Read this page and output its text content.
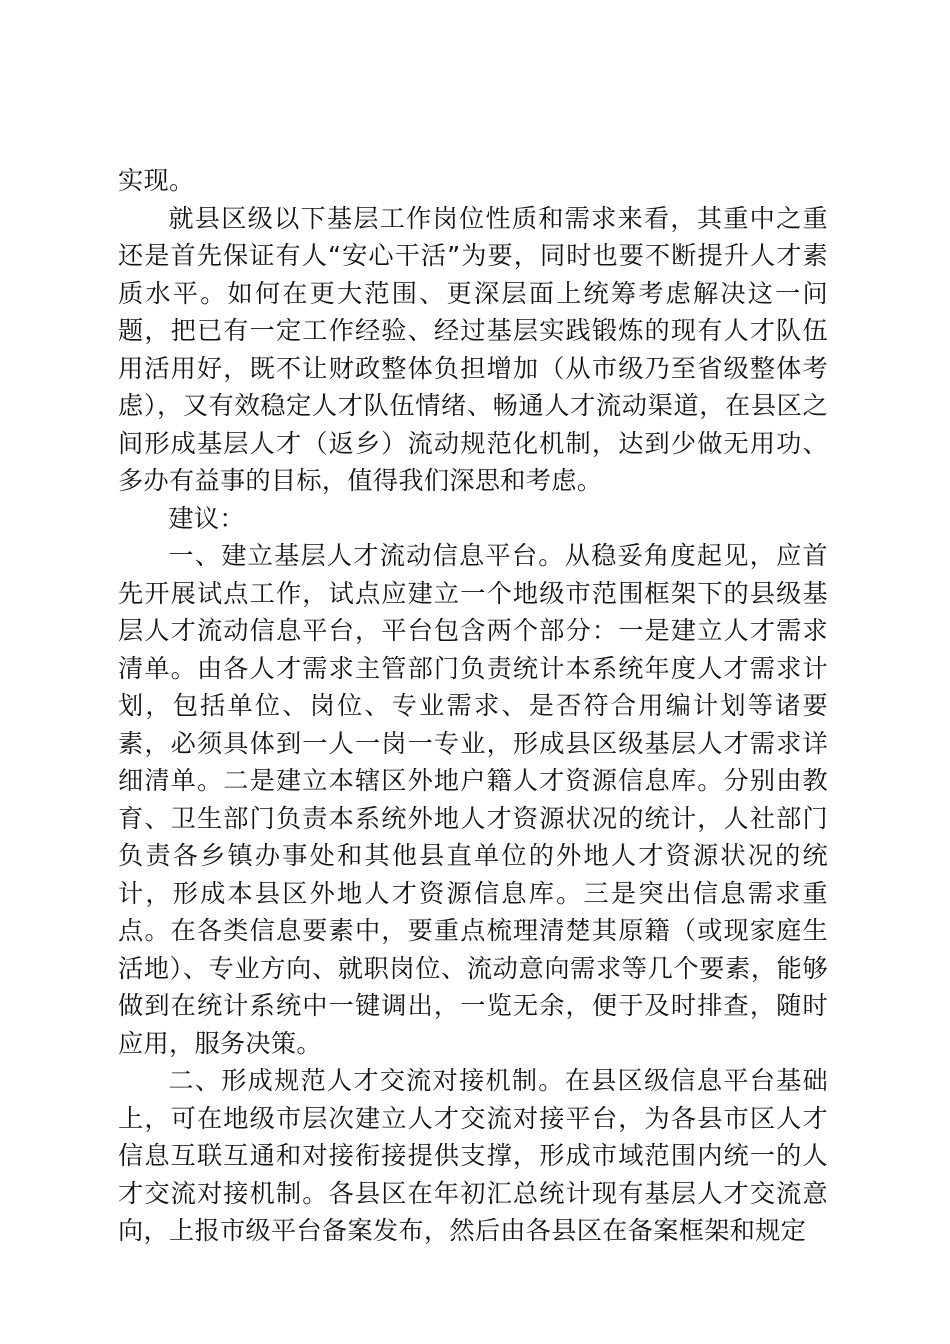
实现。

就县区级以下基层工作岗位性质和需求来看，其重中之重还是首先保证有人“安心干活”为要，同时也要不断提升人才素质水平。如何在更大范围、更深层面上统筹考虑解决这一问题，把已有一定工作经验、经过基层实践锻炼的现有人才队伍用活用好，既不让财政整体负担增加（从市级乃至省级整体考虑），又有效稳定人才队伍情绪、畅通人才流动渠道，在县区之间形成基层人才（返乡）流动规范化机制，达到少做无用功、多办有益事的目标，值得我们深思和考虑。

建议：

一、建立基层人才流动信息平台。从稳妥角度起见，应首先开展试点工作，试点应建立一个地级市范围框架下的县级基层人才流动信息平台，平台包含两个部分：一是建立人才需求清单。由各人才需求主管部门负责统计本系统年度人才需求计划，包括单位、岗位、专业需求、是否符合用编计划等诸要素，必须具体到一人一岗一专业，形成县区级基层人才需求详细清单。二是建立本辖区外地户籍人才资源信息库。分别由教育、卫生部门负责本系统外地人才资源状况的统计，人社部门负责各乡镇办事处和其他县直单位的外地人才资源状况的统计，形成本县区外地人才资源信息库。三是突出信息需求重点。在各类信息要素中，要重点梳理清楚其原籍（或现家庭生活地）、专业方向、就职岗位、流动意向需求等几个要素，能够做到在统计系统中一键调出，一览无余，便于及时排查，随时应用，服务决策。

二、形成规范人才交流对接机制。在县区级信息平台基础上，可在地级市层次建立人才交流对接平台，为各县市区人才信息互联互通和对接衔接提供支撑，形成市域范围内统一的人才交流对接机制。各县区在年初汇总统计现有基层人才交流意向，上报市级平台备案发布，然后由各县区在备案框架和规定
